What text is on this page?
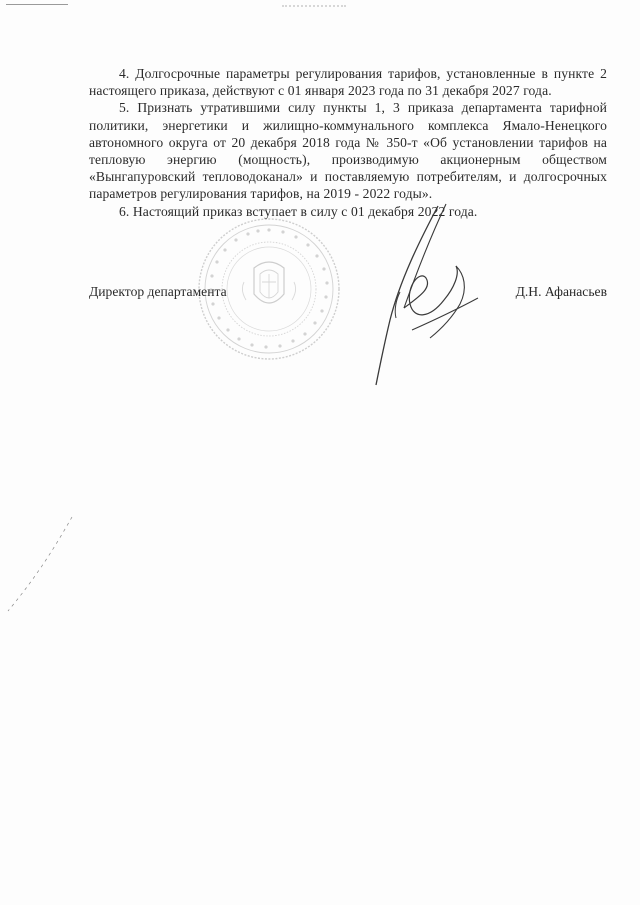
4. Долгосрочные параметры регулирования тарифов, установленные в пункте 2 настоящего приказа, действуют с 01 января 2023 года по 31 декабря 2027 года.

5. Признать утратившими силу пункты 1, 3 приказа департамента тарифной политики, энергетики и жилищно-коммунального комплекса Ямало-Ненецкого автономного округа от 20 декабря 2018 года № 350-т «Об установлении тарифов на тепловую энергию (мощность), производимую акционерным обществом «Вынгапуровский тепловодоканал» и поставляемую потребителям, и долгосрочных параметров регулирования тарифов, на 2019 - 2022 годы».

6. Настоящий приказ вступает в силу с 01 декабря 2022 года.

Директор департамента	Д.Н. Афанасьев
